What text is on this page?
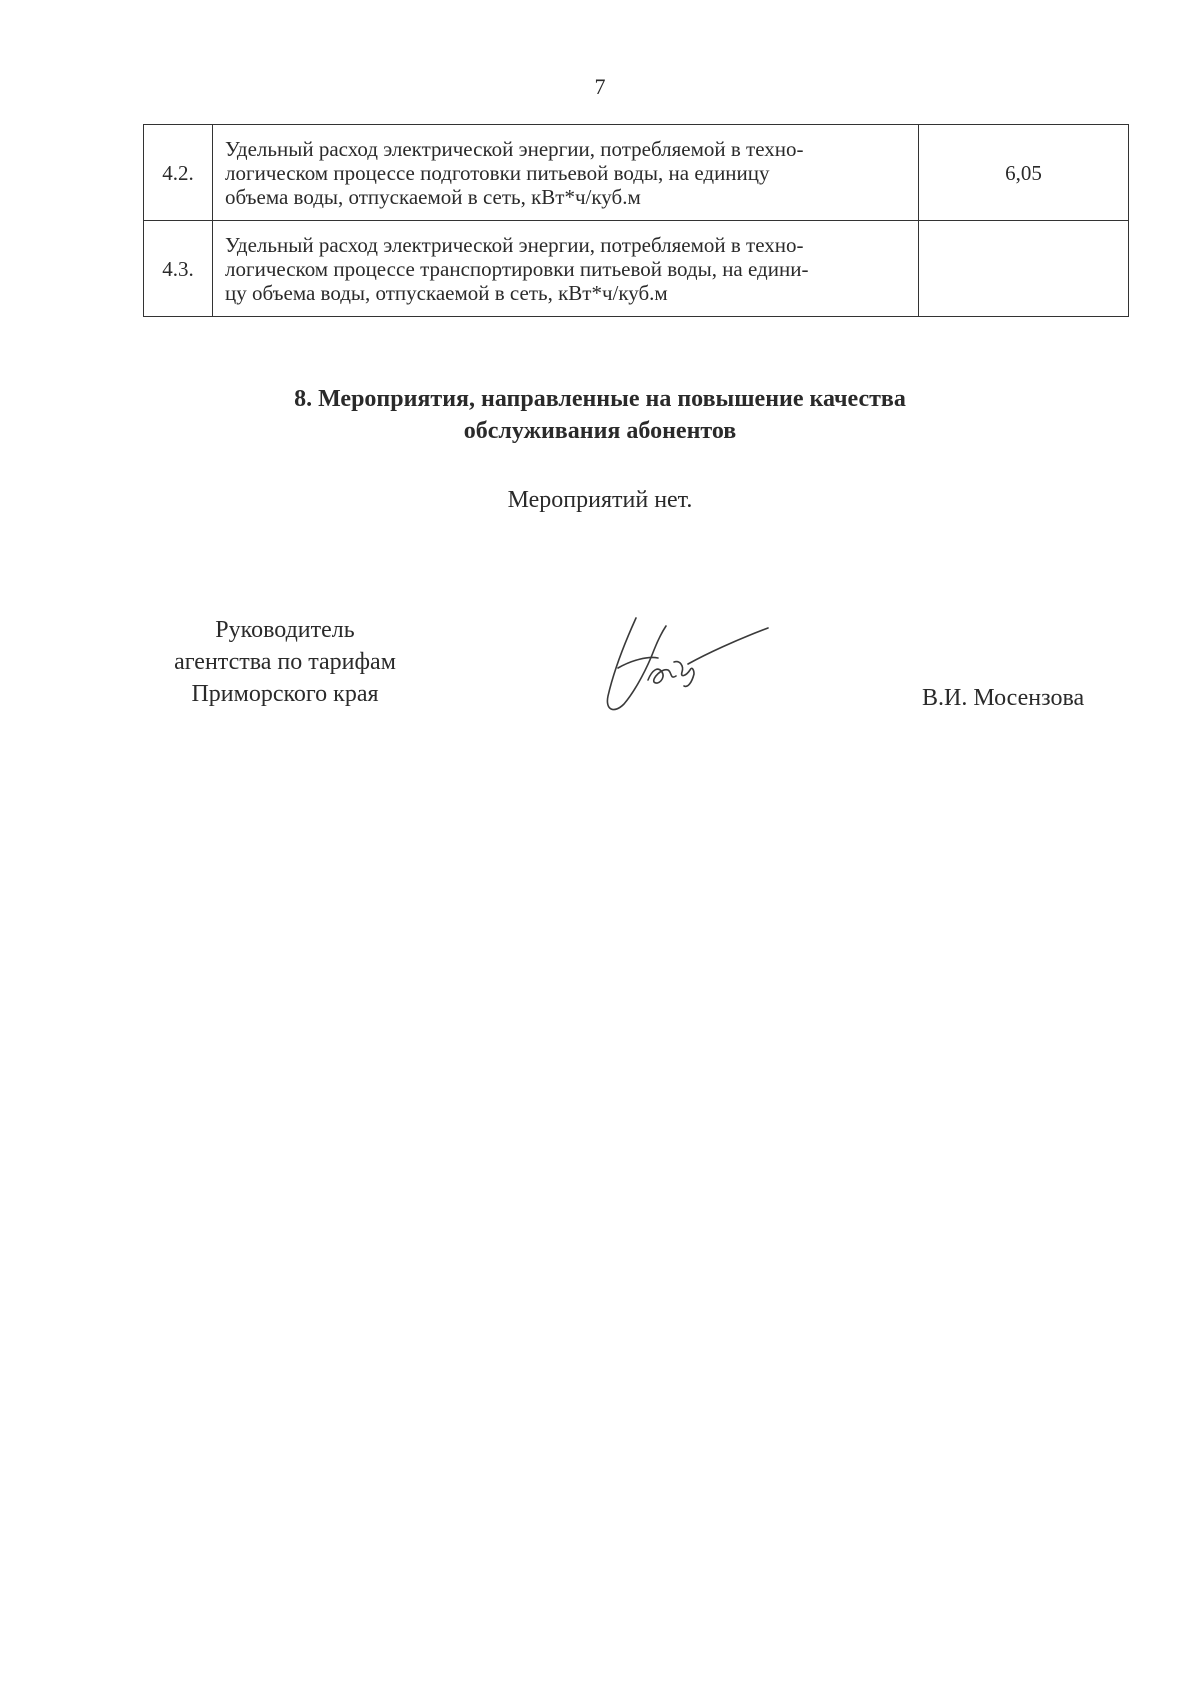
7
4.2.	Удельный расход электрической энергии, потребляемой в техно-
логическом процессе подготовки питьевой воды, на единицу
объема воды, отпускаемой в сеть, кВт*ч/куб.м	6,05
4.3.	Удельный расход электрической энергии, потребляемой в техно-
логическом процессе транспортировки питьевой воды, на едини-
цу объема воды, отпускаемой в сеть, кВт*ч/куб.м	

8. Мероприятия, направленные на повышение качества
обслуживания абонентов
Мероприятий нет.
Руководитель
агентства по тарифам
Приморского края	В.И. Мосензова
